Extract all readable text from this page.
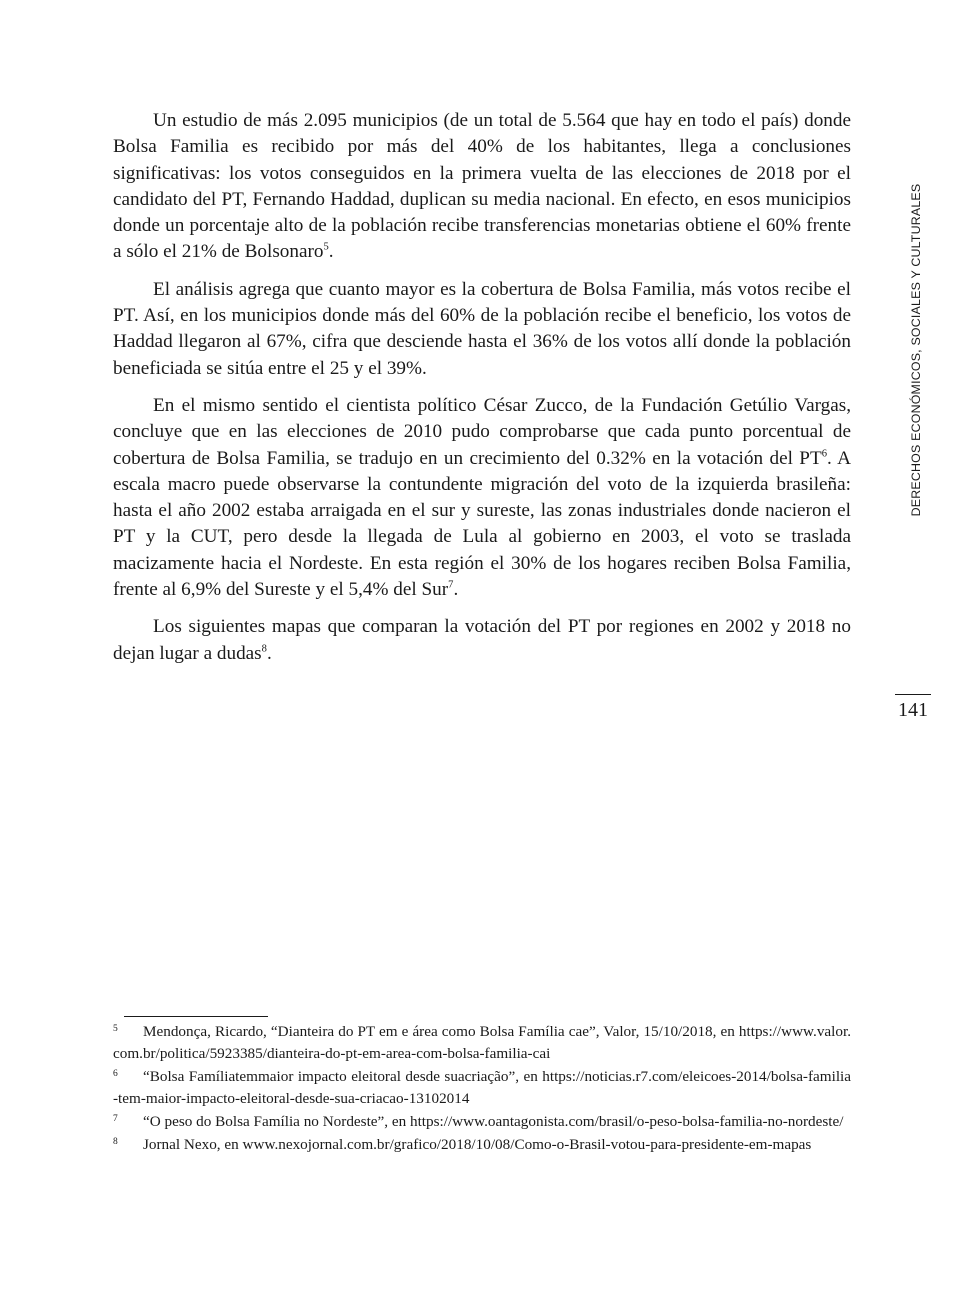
Un estudio de más 2.095 municipios (de un total de 5.564 que hay en todo el país) donde Bolsa Familia es recibido por más del 40% de los habitantes, llega a conclusiones significativas: los votos conseguidos en la primera vuelta de las elecciones de 2018 por el candidato del PT, Fernando Haddad, duplican su media nacional. En efecto, en esos municipios donde un porcentaje alto de la población recibe transferencias monetarias obtiene el 60% frente a sólo el 21% de Bolsonaro$^5$.

El análisis agrega que cuanto mayor es la cobertura de Bolsa Familia, más votos recibe el PT. Así, en los municipios donde más del 60% de la población recibe el beneficio, los votos de Haddad llegaron al 67%, cifra que desciende hasta el 36% de los votos allí donde la población beneficiada se sitúa entre el 25 y el 39%.

En el mismo sentido el cientista político César Zucco, de la Fundación Getúlio Vargas, concluye que en las elecciones de 2010 pudo comprobarse que cada punto porcentual de cobertura de Bolsa Familia, se tradujo en un crecimiento del 0.32% en la votación del $PT^6$. A escala macro puede observarse la contundente migración del voto de la izquierda brasileña: hasta el año 2002 estaba arraigada en el sur y sureste, las zonas industriales donde nacieron el PT y la CUT, pero desde la llegada de Lula al gobierno en 2003, el voto se traslada macizamente hacia el Nordeste. En esta región el 30% de los hogares reciben Bolsa Familia, frente al 6,9% del Sureste y el 5,4% del Sur$^7$.

Los siguientes mapas que comparan la votación del PT por regiones en 2002 y 2018 no dejan lugar a dudas$^8$.

DERECHOS ECONÓMICOS, SOCIALES Y CULTURALES
141
5 Mendonça, Ricardo, “Dianteira do PT em e área como Bolsa Família cae”, Valor, 15/10/2018, en https://www.valor.com.br/politica/5923385/dianteira-do-pt-em-area-com-bolsa-familia-cai
6 “Bolsa Famíliatemmaior impacto eleitoral desde suacriação”, en https://noticias.r7.com/eleicoes-2014/bolsa-familia-tem-maior-impacto-eleitoral-desde-sua-criacao-13102014
7 “O peso do Bolsa Família no Nordeste”, en https://www.oantagonista.com/brasil/o-peso-bolsa-familia-no-nordeste/
8 Jornal Nexo, en www.nexojornal.com.br/grafico/2018/10/08/Como-o-Brasil-votou-para-presidente-em-mapas
